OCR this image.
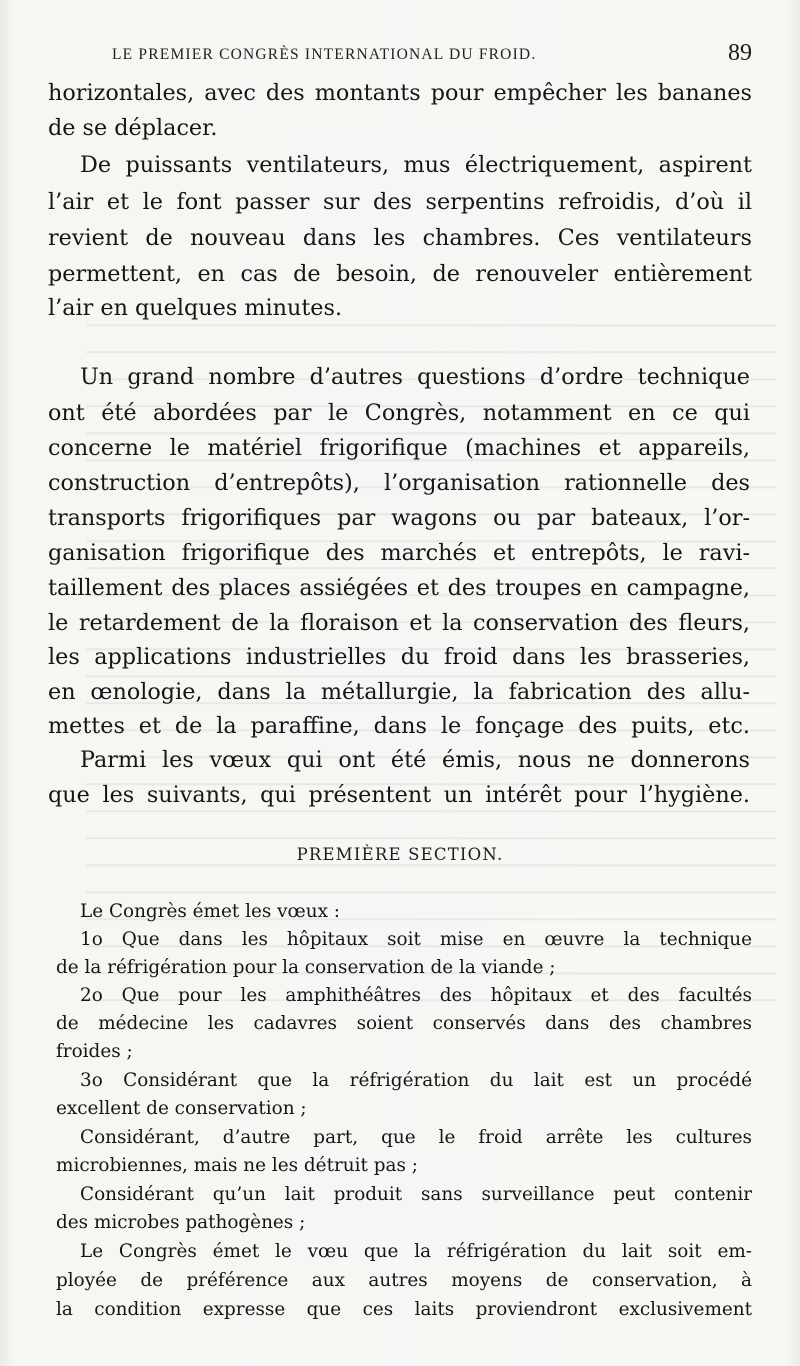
LE PREMIER CONGRÈS INTERNATIONAL DU FROID.	89
horizontales, avec des montants pour empêcher les bananes
de se déplacer.
De puissants ventilateurs, mus électriquement, aspirent
l’air et le font passer sur des serpentins refroidis, d’où il
revient de nouveau dans les chambres. Ces ventilateurs
permettent, en cas de besoin, de renouveler entièrement
l’air en quelques minutes.
Un grand nombre d’autres questions d’ordre technique
ont été abordées par le Congrès, notamment en ce qui
concerne le matériel frigorifique (machines et appareils,
construction d’entrepôts), l’organisation rationnelle des
transports frigorifiques par wagons ou par bateaux, l’or-
ganisation frigorifique des marchés et entrepôts, le ravi-
taillement des places assiégées et des troupes en campagne,
le retardement de la floraison et la conservation des fleurs,
les applications industrielles du froid dans les brasseries,
en œnologie, dans la métallurgie, la fabrication des allu-
mettes et de la paraffine, dans le fonçage des puits, etc.
Parmi les vœux qui ont été émis, nous ne donnerons
que les suivants, qui présentent un intérêt pour l’hygiène.
PREMIÈRE SECTION.
Le Congrès émet les vœux :
1o Que dans les hôpitaux soit mise en œuvre la technique
de la réfrigération pour la conservation de la viande ;
2o Que pour les amphithéâtres des hôpitaux et des facultés
de médecine les cadavres soient conservés dans des chambres
froides ;
3o Considérant que la réfrigération du lait est un procédé
excellent de conservation ;
Considérant, d’autre part, que le froid arrête les cultures
microbiennes, mais ne les détruit pas ;
Considérant qu’un lait produit sans surveillance peut contenir
des microbes pathogènes ;
Le Congrès émet le vœu que la réfrigération du lait soit em-
ployée de préférence aux autres moyens de conservation, à
la condition expresse que ces laits proviendront exclusivement
